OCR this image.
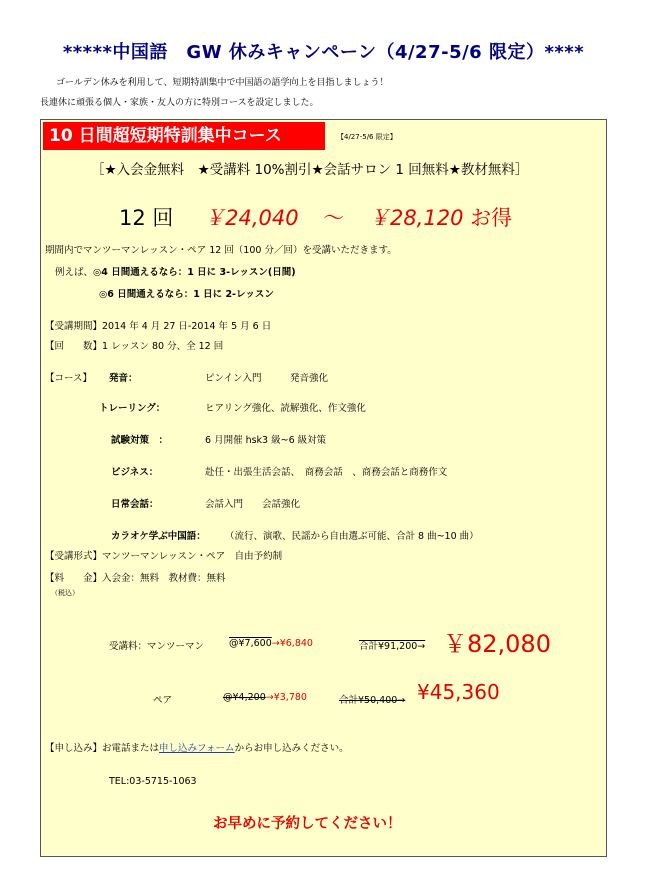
*****中国語　GW 休みキャンペーン（4/27-5/6 限定）****
ゴールデン休みを利用して、短期特訓集中で中国語の語学向上を目指しましょう！
長連休に頑張る個人・家族・友人の方に特別コースを設定しました。
10 日間超短期特訓集中コース	【4/27-5/6 限定】
［★入会金無料　★受講料 10%割引★会話サロン 1 回無料★教材無料］
12 回 ￥24,040 ～ ￥28,120 お得
期間内でマンツーマンレッスン・ペア 12 回（100 分／回）を受講いただきます。
例えば、◎4 日間通えるなら：1 日に 3-レッスン(日間)
◎6 日間通えるなら：1 日に 2-レッスン
【受講期間】2014 年 4 月 27 日-2014 年 5 月 6 日
【回　　数】1 レッスン 80 分、全 12 回
【コース】 発音：	ピンイン入門　　　発音強化
トレーリング：	ヒアリング強化、読解強化、作文強化
試験対策　：	6 月開催 hsk3 級~6 級対策
ビジネス：	赴任・出張生活会話、　商務会話　、商務会話と商務作文
日常会話：	会話入門　　会話強化
カラオケ学ぶ中国語： （流行、演歌、民謡から自由選ぶ可能、合計 8 曲~10 曲）
【受講形式】マンツーマンレッスン・ペア　自由予約制
【料　　金】入会金：無料　教材費：無料
（税込）
受講料：マンツーマン	@¥7,600→¥6,840	合計¥91,200→ ￥82,080
ペア	@¥4,200→¥3,780	合計¥50,400→ ¥45,360
【申し込み】お電話または申し込みフォームからお申し込みください。
TEL:03-5715-1063
お早めに予約してください！
